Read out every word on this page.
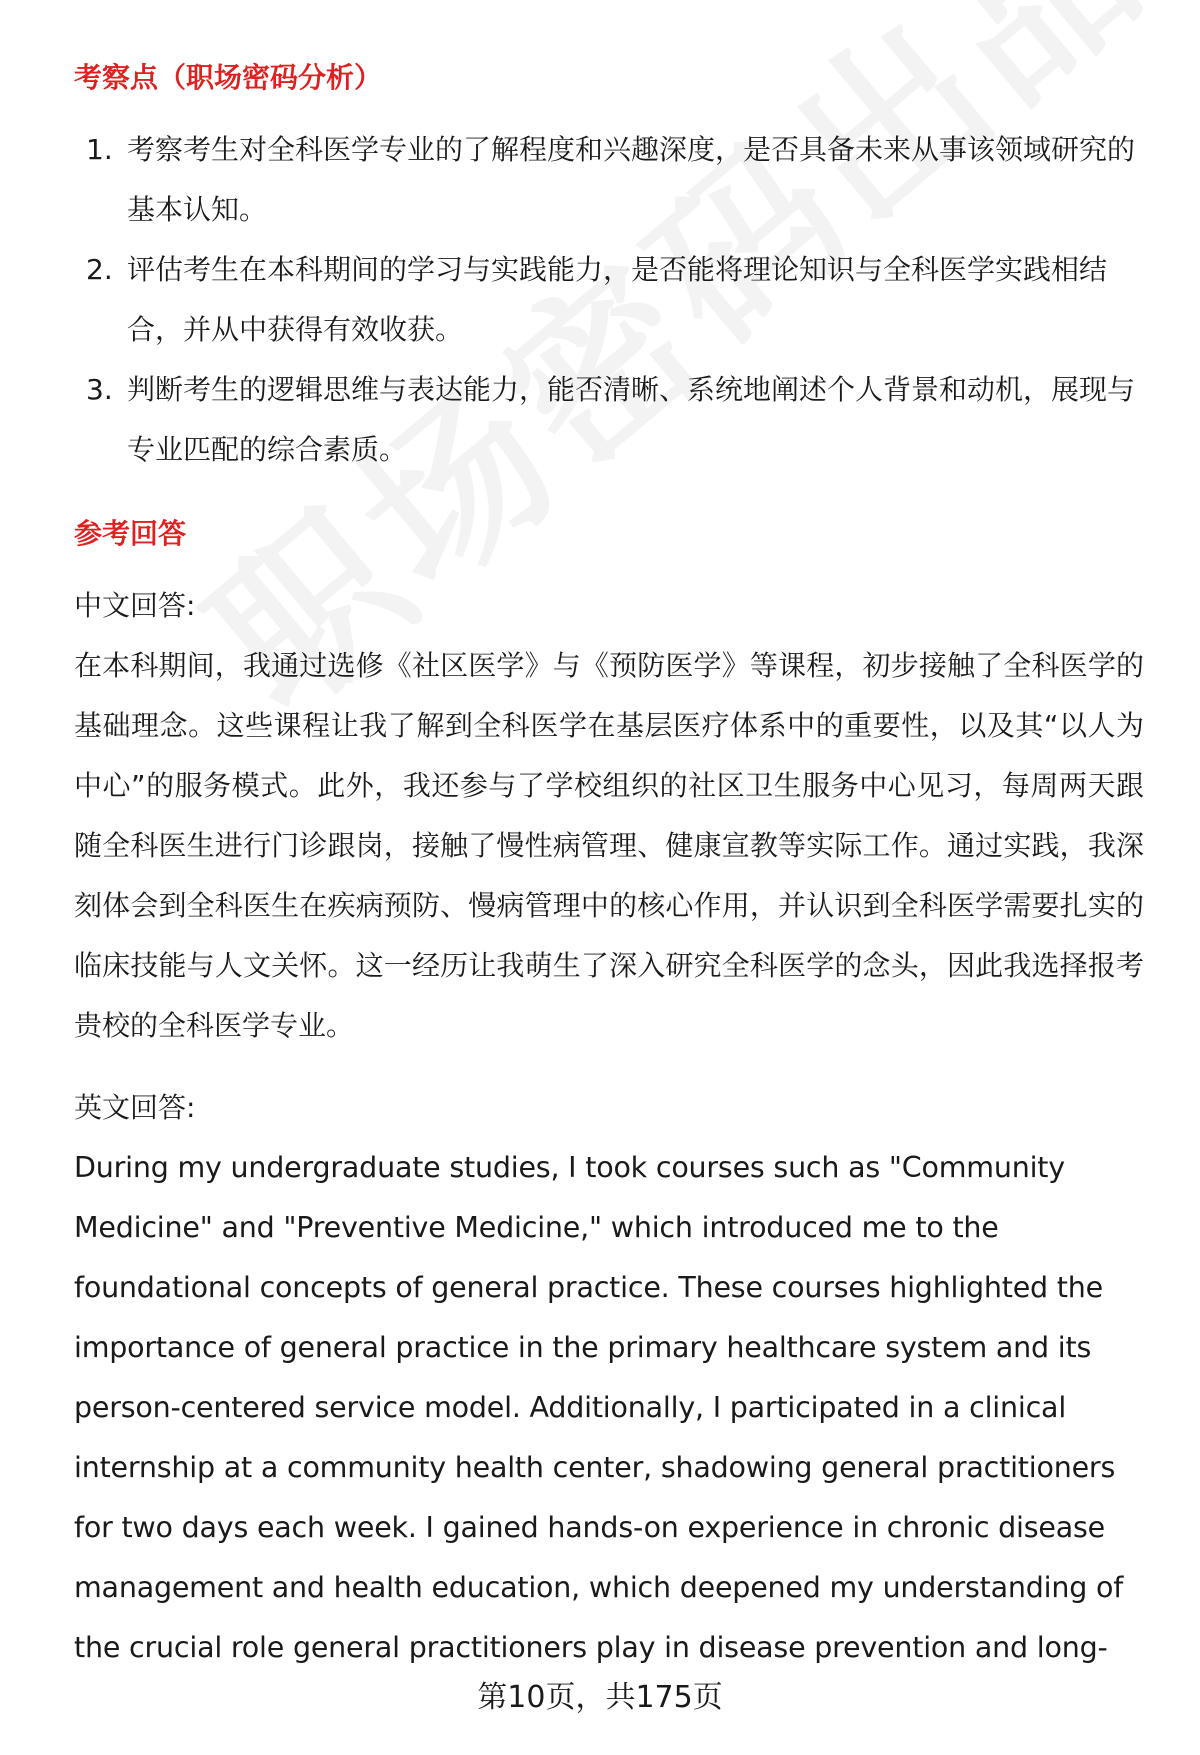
考察点（职场密码分析）
1. 考察考生对全科医学专业的了解程度和兴趣深度，是否具备未来从事该领域研究的基本认知。
2. 评估考生在本科期间的学习与实践能力，是否能将理论知识与全科医学实践相结合，并从中获得有效收获。
3. 判断考生的逻辑思维与表达能力，能否清晰、系统地阐述个人背景和动机，展现与专业匹配的综合素质。
参考回答

中文回答:

在本科期间，我通过选修《社区医学》与《预防医学》等课程，初步接触了全科医学的基础理念。这些课程让我了解到全科医学在基层医疗体系中的重要性，以及其“以人为中心”的服务模式。此外，我还参与了学校组织的社区卫生服务中心见习，每周两天跟随全科医生进行门诊跟岗，接触了慢性病管理、健康宣教等实际工作。通过实践，我深刻体会到全科医生在疾病预防、慢病管理中的核心作用，并认识到全科医学需要扎实的临床技能与人文关怀。这一经历让我萌生了深入研究全科医学的念头，因此我选择报考贵校的全科医学专业。

英文回答:

During my undergraduate studies, I took courses such as "Community
Medicine" and "Preventive Medicine," which introduced me to the
foundational concepts of general practice. These courses highlighted the
importance of general practice in the primary healthcare system and its
person-centered service model. Additionally, I participated in a clinical
internship at a community health center, shadowing general practitioners
for two days each week. I gained hands-on experience in chronic disease
management and health education, which deepened my understanding of
the crucial role general practitioners play in disease prevention and long-
第10页，共175页
